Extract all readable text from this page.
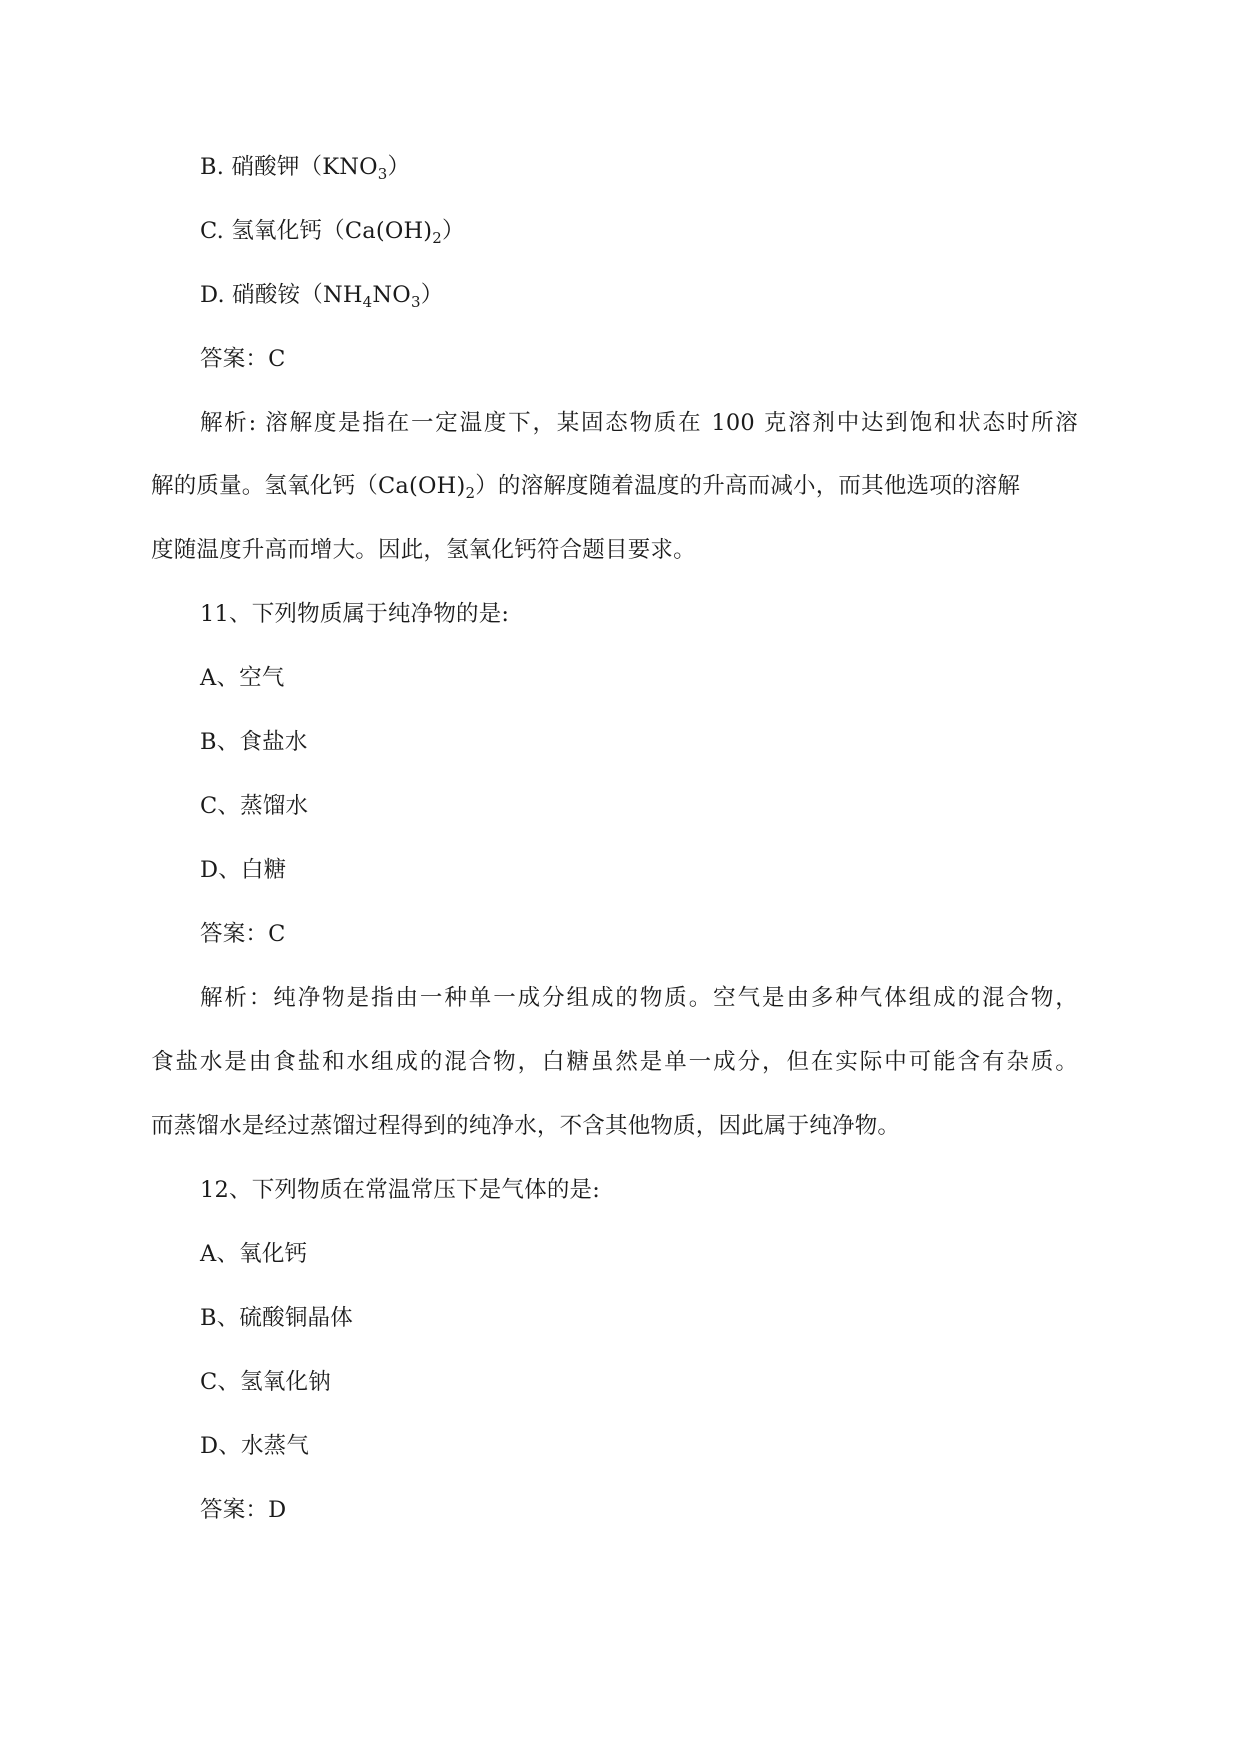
B. 硝酸钾$(KNO_3)$
C. 氢氧化钙$(Ca(OH)_2)$
D. 硝酸铵$(NH_4NO_3)$
答案：C
解析: 溶解度是指在一定温度下，某固态物质在 100 克溶剂中达到饱和状态时所溶
解的质量。氢氧化钙$(Ca(OH)_2)$的溶解度随着温度的升高而减小，而其他选项的溶解
度随温度升高而增大。因此，氢氧化钙符合题目要求。
11、下列物质属于纯净物的是:
A、空气
B、食盐水
C、蒸馏水
D、白糖
答案：C
解析：纯净物是指由一种单一成分组成的物质。空气是由多种气体组成的混合物，
食盐水是由食盐和水组成的混合物，白糖虽然是单一成分，但在实际中可能含有杂质。
而蒸馏水是经过蒸馏过程得到的纯净水，不含其他物质，因此属于纯净物。
12、下列物质在常温常压下是气体的是:
A、氧化钙
B、硫酸铜晶体
C、氢氧化钠
D、水蒸气
答案：D
